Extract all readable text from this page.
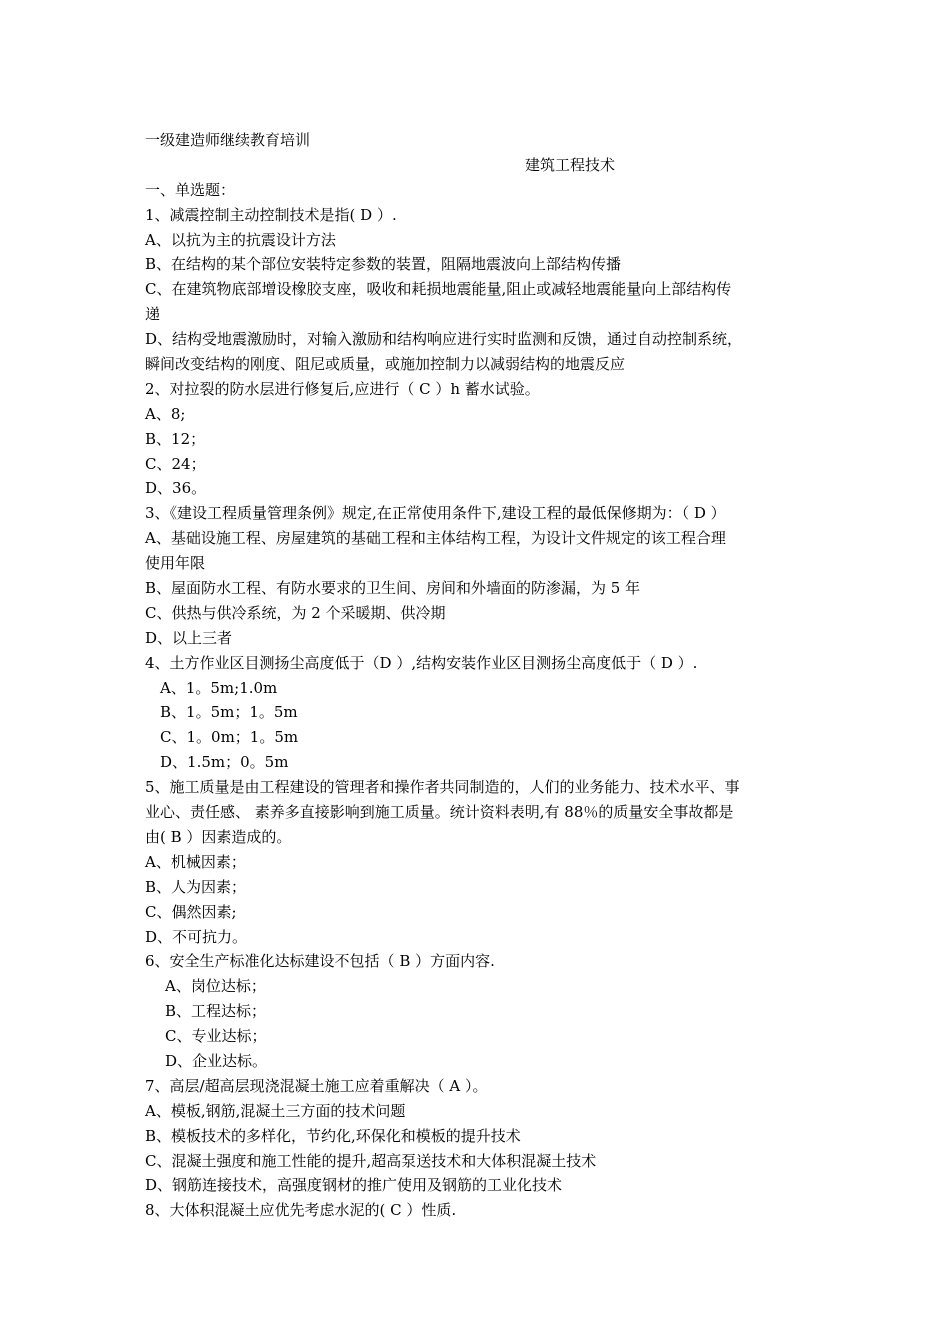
一级建造师继续教育培训
建筑工程技术
一、单选题：
1、减震控制主动控制技术是指( D ）.
A、以抗为主的抗震设计方法
B、在结构的某个部位安装特定参数的装置，阻隔地震波向上部结构传播
C、在建筑物底部增设橡胶支座，吸收和耗损地震能量,阻止或减轻地震能量向上部结构传
递
D、结构受地震激励时，对输入激励和结构响应进行实时监测和反馈，通过自动控制系统，
瞬间改变结构的刚度、阻尼或质量，或施加控制力以减弱结构的地震反应
2、对拉裂的防水层进行修复后,应进行（ C ）h 蓄水试验。
A、8;
B、12；
C、24；
D、36。
3、《建设工程质量管理条例》规定,在正常使用条件下,建设工程的最低保修期为：（ D ）
A、基础设施工程、房屋建筑的基础工程和主体结构工程，为设计文件规定的该工程合理
使用年限
B、屋面防水工程、有防水要求的卫生间、房间和外墙面的防渗漏，为 5 年
C、供热与供冷系统，为 2 个采暖期、供冷期
D、以上三者
4、土方作业区目测扬尘高度低于（D ）,结构安装作业区目测扬尘高度低于（ D ）.
A、1。5m;1.0m
B、1。5m；1。5m
C、1。0m；1。5m
D、1.5m；0。5m
5、施工质量是由工程建设的管理者和操作者共同制造的，人们的业务能力、技术水平、事
业心、责任感、 素养多直接影响到施工质量。统计资料表明,有 88％的质量安全事故都是
由( B ）因素造成的。
A、机械因素；
B、人为因素；
C、偶然因素;
D、不可抗力。
6、安全生产标准化达标建设不包括（ B ）方面内容.
A、岗位达标；
B、工程达标；
C、专业达标；
D、企业达标。
7、高层/超高层现浇混凝土施工应着重解决（ A ）。
A、模板,钢筋,混凝土三方面的技术问题
B、模板技术的多样化，节约化,环保化和模板的提升技术
C、混凝土强度和施工性能的提升,超高泵送技术和大体积混凝土技术
D、钢筋连接技术，高强度钢材的推广使用及钢筋的工业化技术
8、大体积混凝土应优先考虑水泥的( C ）性质.
